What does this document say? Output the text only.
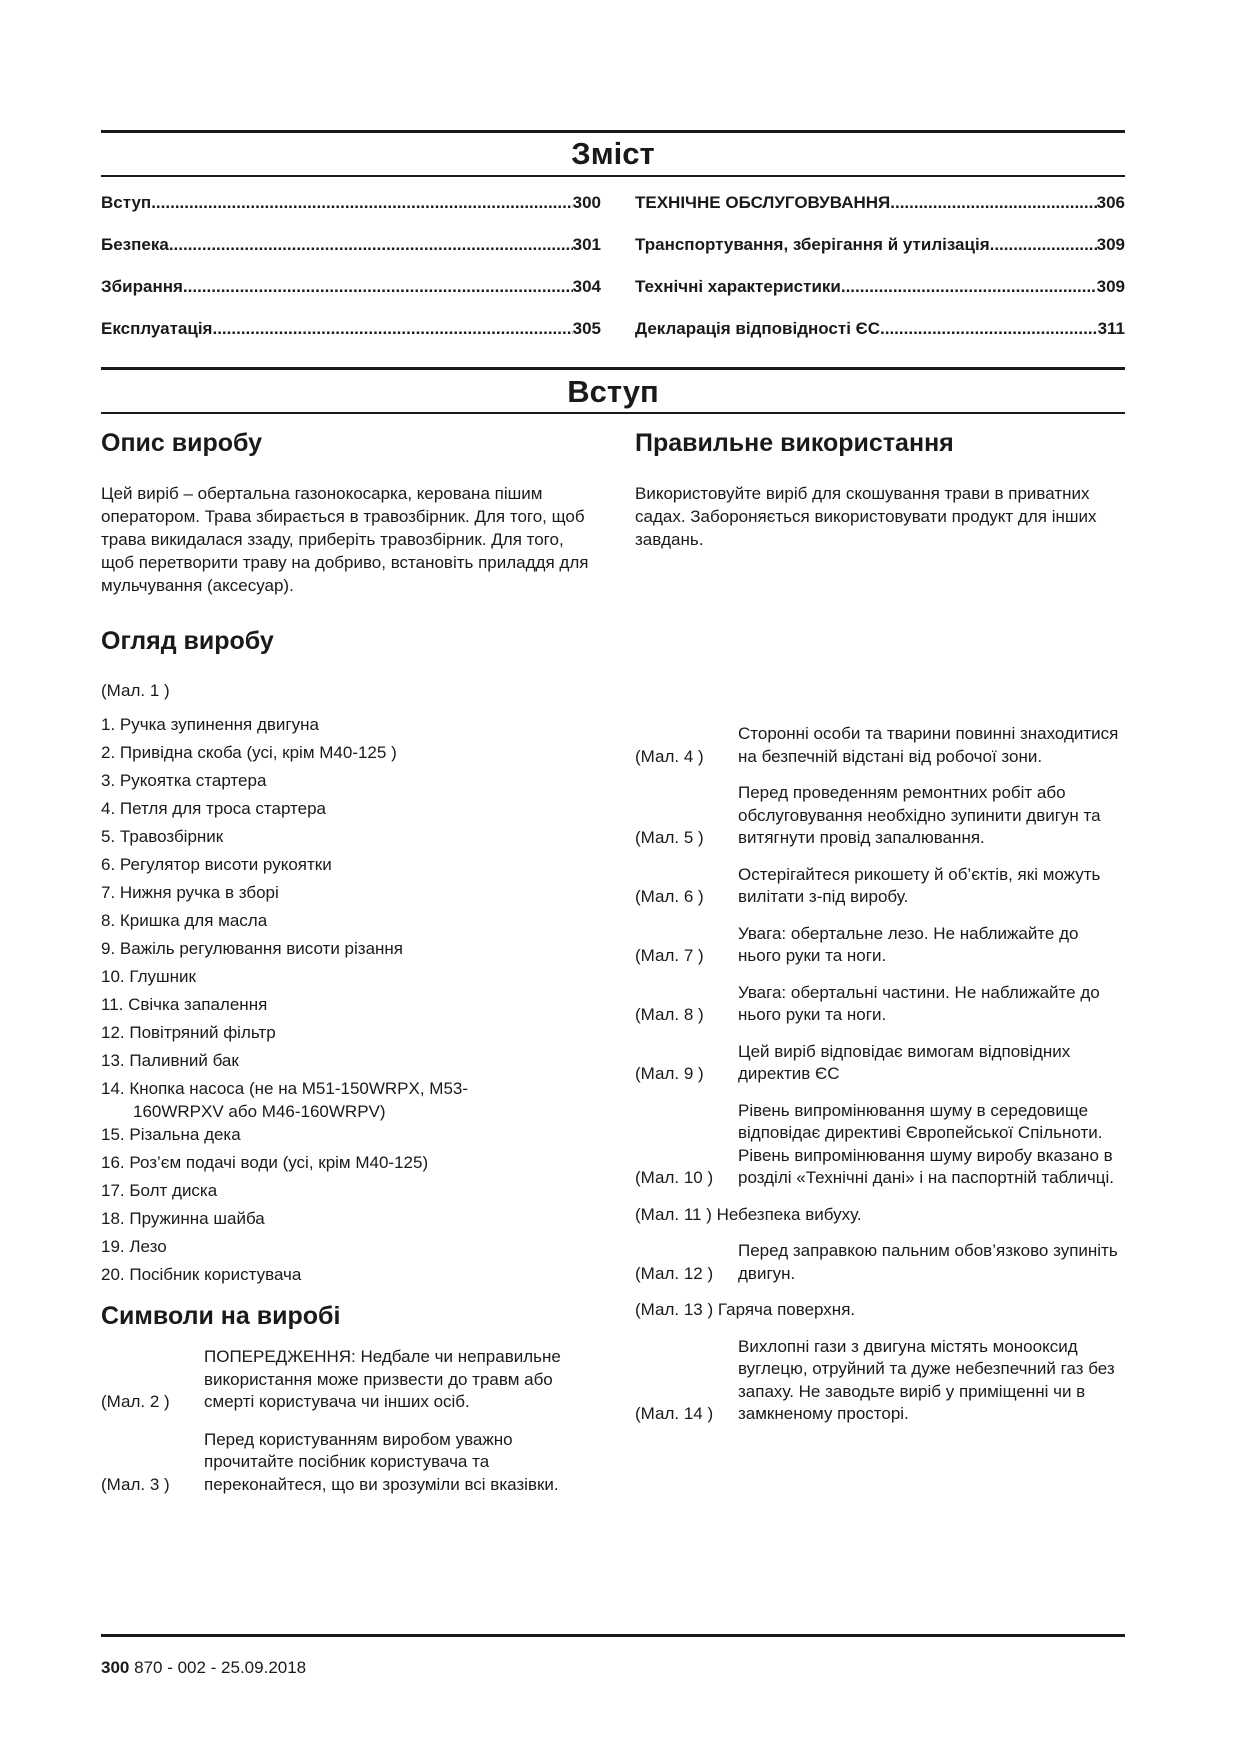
Зміст
Вступ .....	300
Безпека .....	301
Збирання .....	304
Експлуатація .....	305
ТЕХНІЧНЕ ОБСЛУГОВУВАННЯ .....	306
Транспортування, зберігання й утилізація .....	309
Технічні характеристики .....	309
Декларація відповідності ЄС .....	311
Вступ
Опис виробу

Цей виріб – обертальна газонокосарка, керована пішим оператором. Трава збирається в травозбірник. Для того, щоб трава викидалася ззаду, приберіть травозбірник. Для того, щоб перетворити траву на добриво, встановіть приладдя для мульчування (аксесуар).

Огляд виробу

(Мал. 1 )

1. Ручка зупинення двигуна
2. Привідна скоба (усі, крім M40-125 )
3. Рукоятка стартера
4. Петля для троса стартера
5. Травозбірник
6. Регулятор висоти рукоятки
7. Нижня ручка в зборі
8. Кришка для масла
9. Важіль регулювання висоти різання
10. Глушник
11. Свічка запалення
12. Повітряний фільтр
13. Паливний бак
14. Кнопка насоса (не на M51-150WRPX, M53-160WRPXV або M46-160WRPV)
15. Різальна дека
16. Роз’єм подачі води (усі, крім M40-125)
17. Болт диска
18. Пружинна шайба
19. Лезо
20. Посібник користувача
Символи на виробі
(Мал. 2 )
ПОПЕРЕДЖЕННЯ: Недбале чи неправильне використання може призвести до травм або смерті користувача чи інших осіб.
(Мал. 3 )
Перед користуванням виробом уважно прочитайте посібник користувача та переконайтеся, що ви зрозуміли всі вказівки.
Правильне використання

Використовуйте виріб для скошування трави в приватних садах. Забороняється використовувати продукт для інших завдань.

(Мал. 4 )
Сторонні особи та тварини повинні знаходитися на безпечній відстані від робочої зони.
(Мал. 5 )
Перед проведенням ремонтних робіт або обслуговування необхідно зупинити двигун та витягнути провід запалювання.
(Мал. 6 )
Остерігайтеся рикошету й об’єктів, які можуть вилітати з-під виробу.
(Мал. 7 )
Увага: обертальне лезо. Не наближайте до нього руки та ноги.
(Мал. 8 )
Увага: обертальні частини. Не наближайте до нього руки та ноги.
(Мал. 9 )
Цей виріб відповідає вимогам відповідних директив ЄС
(Мал. 10 )
Рівень випромінювання шуму в середовище відповідає директиві Європейської Спільноти. Рівень випромінювання шуму виробу вказано в розділі «Технічні дані» і на паспортній табличці.
(Мал. 11 ) Небезпека вибуху.
(Мал. 12 )
Перед заправкою пальним обов’язково зупиніть двигун.
(Мал. 13 ) Гаряча поверхня.
(Мал. 14 )
Вихлопні гази з двигуна містять монооксид вуглецю, отруйний та дуже небезпечний газ без запаху. Не заводьте виріб у приміщенні чи в замкненому просторі.
300 870 - 002 - 25.09.2018
